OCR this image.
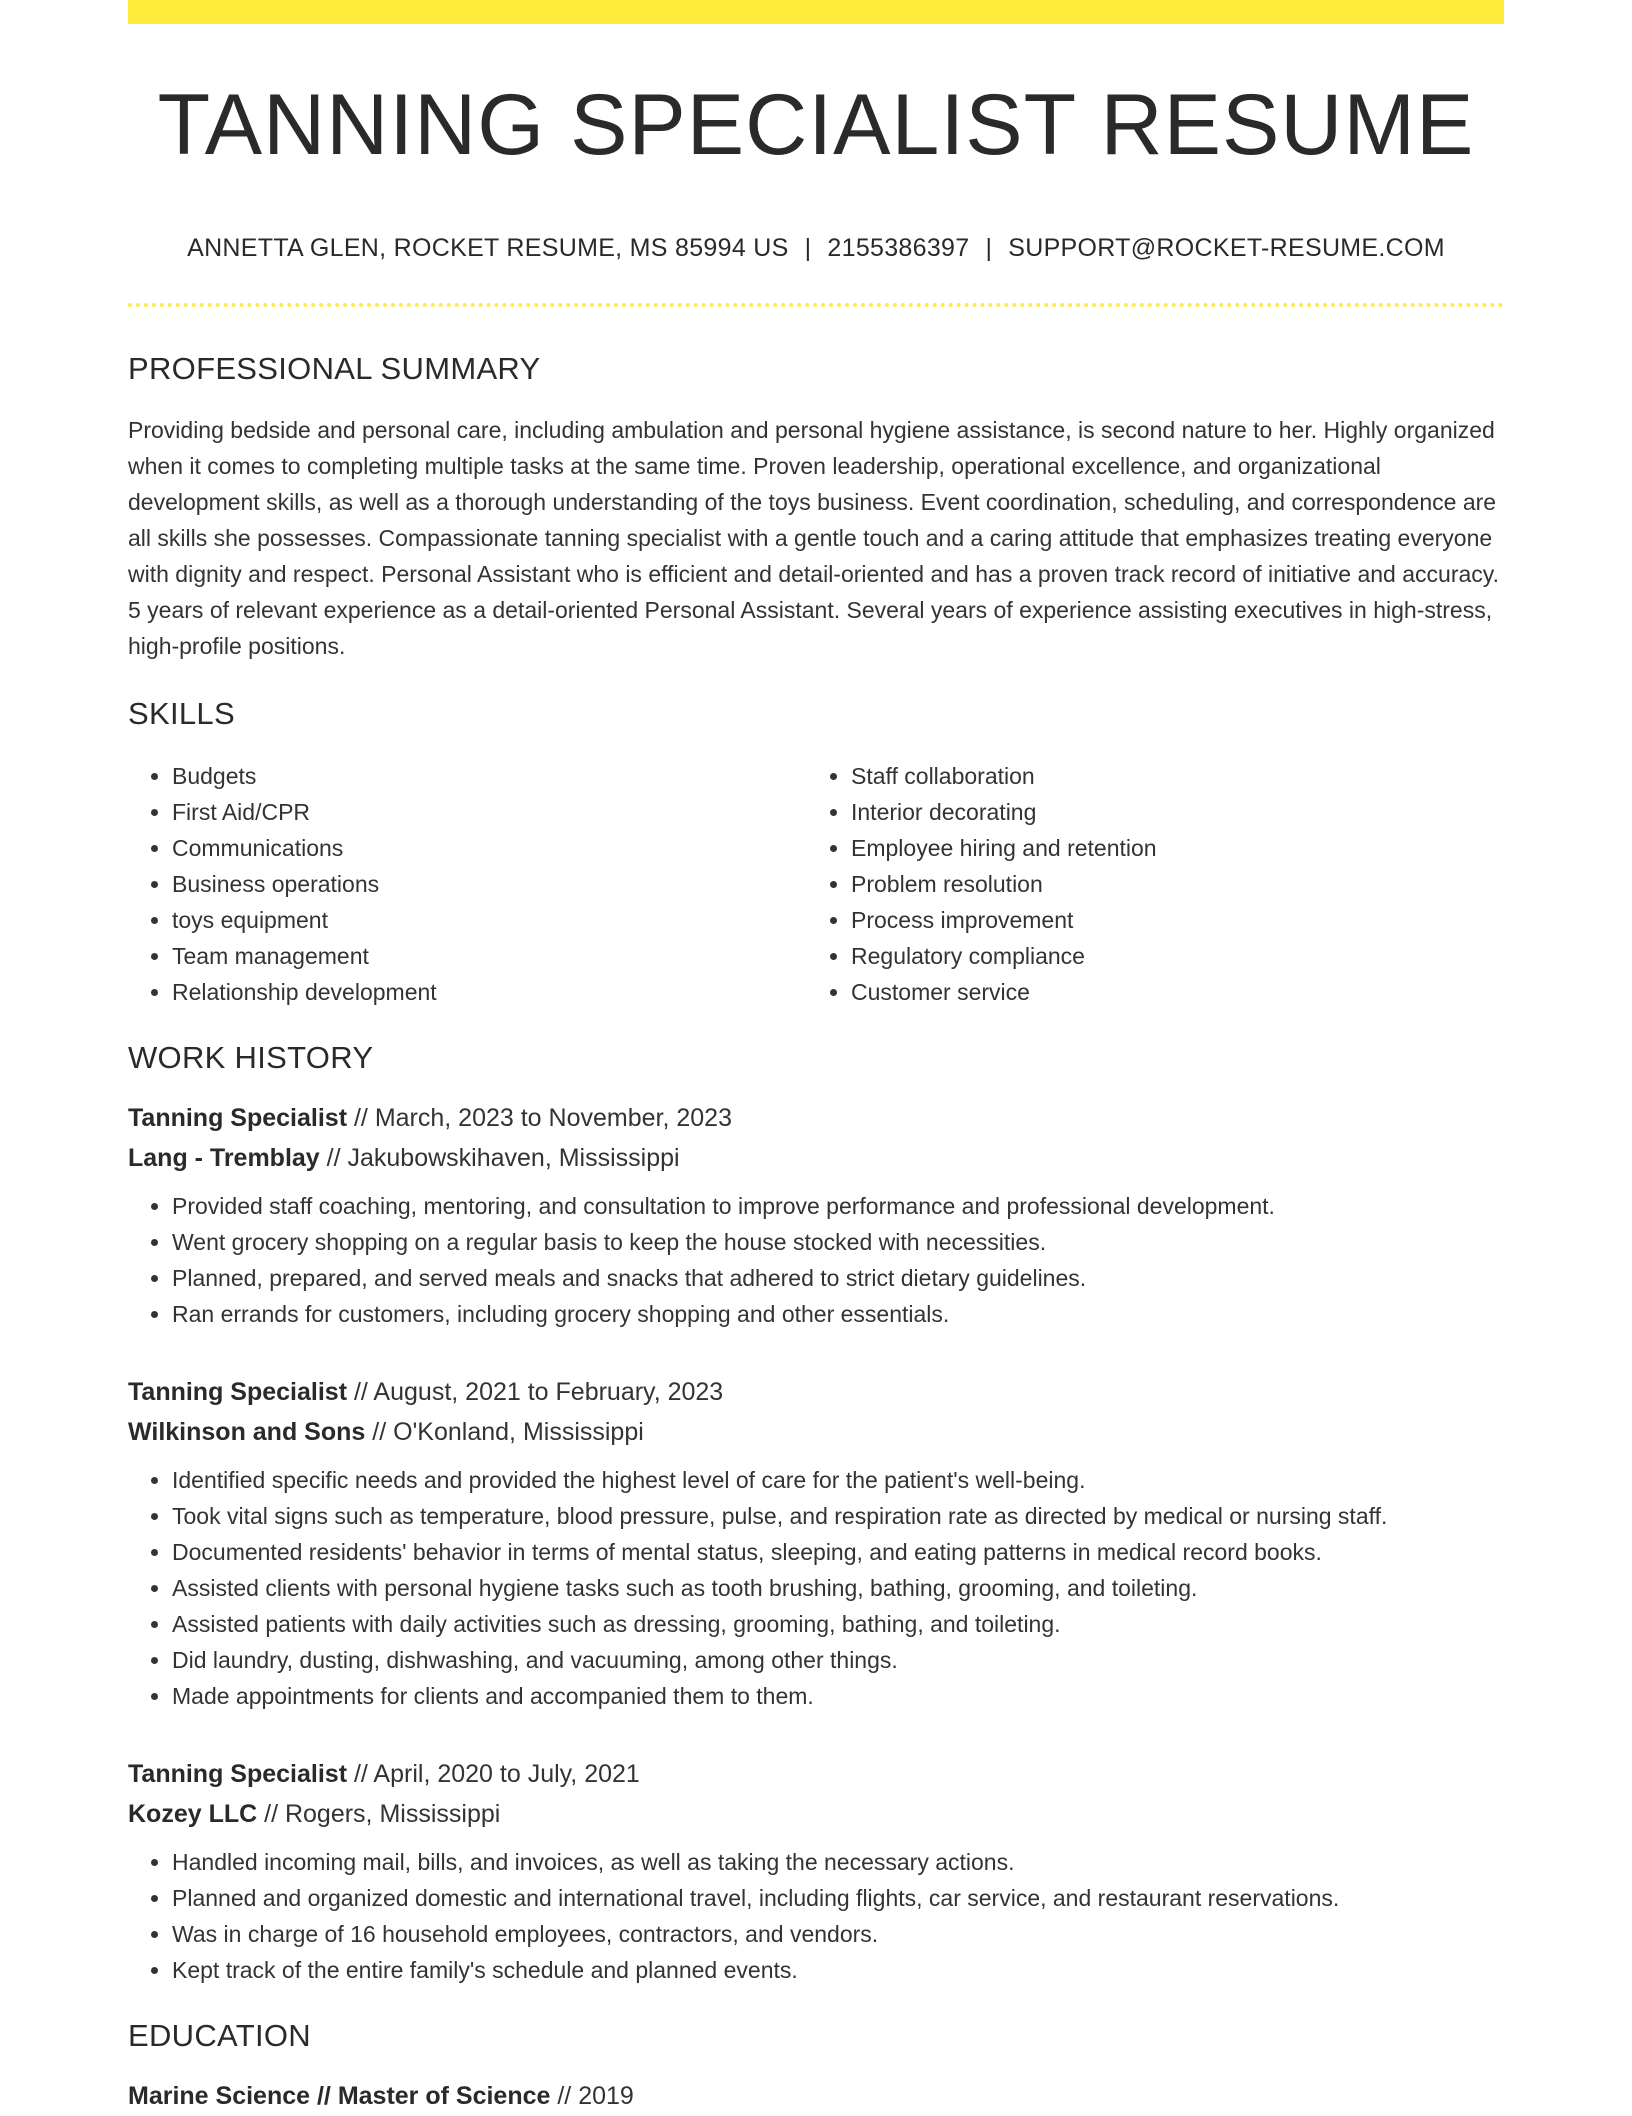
TANNING SPECIALIST RESUME
ANNETTA GLEN, ROCKET RESUME, MS 85994 US | 2155386397 | SUPPORT@ROCKET-RESUME.COM
PROFESSIONAL SUMMARY
Providing bedside and personal care, including ambulation and personal hygiene assistance, is second nature to her. Highly organized when it comes to completing multiple tasks at the same time. Proven leadership, operational excellence, and organizational development skills, as well as a thorough understanding of the toys business. Event coordination, scheduling, and correspondence are all skills she possesses. Compassionate tanning specialist with a gentle touch and a caring attitude that emphasizes treating everyone with dignity and respect. Personal Assistant who is efficient and detail-oriented and has a proven track record of initiative and accuracy. 5 years of relevant experience as a detail-oriented Personal Assistant. Several years of experience assisting executives in high-stress, high-profile positions.
SKILLS
• Budgets
• First Aid/CPR
• Communications
• Business operations
• toys equipment
• Team management
• Relationship development
• Staff collaboration
• Interior decorating
• Employee hiring and retention
• Problem resolution
• Process improvement
• Regulatory compliance
• Customer service
WORK HISTORY
Tanning Specialist // March, 2023 to November, 2023
Lang - Tremblay // Jakubowskihaven, Mississippi
• Provided staff coaching, mentoring, and consultation to improve performance and professional development.
• Went grocery shopping on a regular basis to keep the house stocked with necessities.
• Planned, prepared, and served meals and snacks that adhered to strict dietary guidelines.
• Ran errands for customers, including grocery shopping and other essentials.
Tanning Specialist // August, 2021 to February, 2023
Wilkinson and Sons // O'Konland, Mississippi
• Identified specific needs and provided the highest level of care for the patient's well-being.
• Took vital signs such as temperature, blood pressure, pulse, and respiration rate as directed by medical or nursing staff.
• Documented residents' behavior in terms of mental status, sleeping, and eating patterns in medical record books.
• Assisted clients with personal hygiene tasks such as tooth brushing, bathing, grooming, and toileting.
• Assisted patients with daily activities such as dressing, grooming, bathing, and toileting.
• Did laundry, dusting, dishwashing, and vacuuming, among other things.
• Made appointments for clients and accompanied them to them.
Tanning Specialist // April, 2020 to July, 2021
Kozey LLC // Rogers, Mississippi
• Handled incoming mail, bills, and invoices, as well as taking the necessary actions.
• Planned and organized domestic and international travel, including flights, car service, and restaurant reservations.
• Was in charge of 16 household employees, contractors, and vendors.
• Kept track of the entire family's schedule and planned events.
EDUCATION
Marine Science // Master of Science // 2019
